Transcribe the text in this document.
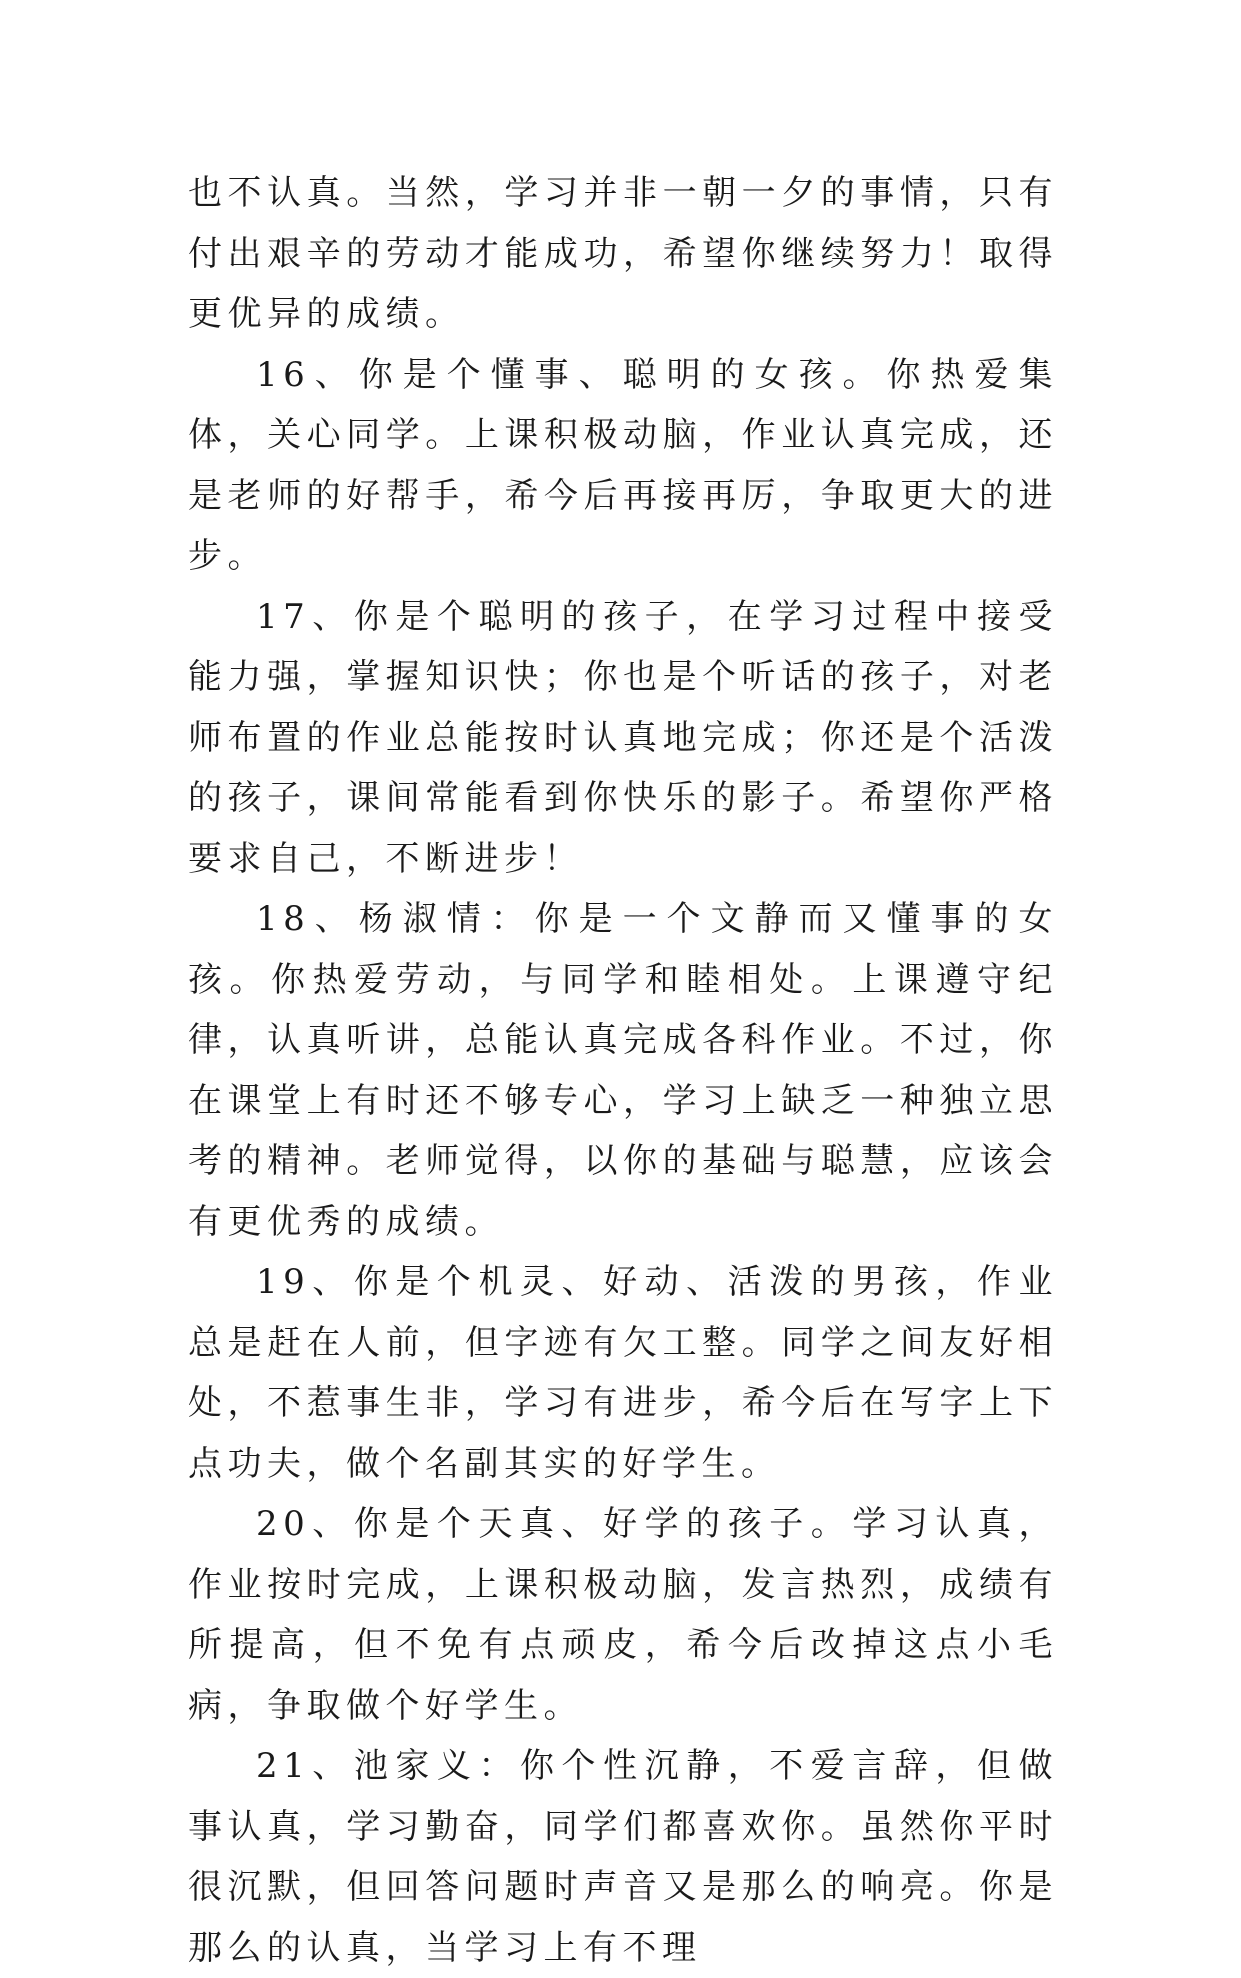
也不认真。当然，学习并非一朝一夕的事情，只有付出艰辛的劳动才能成功，希望你继续努力！取得更优异的成绩。

16、你是个懂事、聪明的女孩。你热爱集体，关心同学。上课积极动脑，作业认真完成，还是老师的好帮手，希今后再接再厉，争取更大的进步。

17、你是个聪明的孩子，在学习过程中接受能力强，掌握知识快；你也是个听话的孩子，对老师布置的作业总能按时认真地完成；你还是个活泼的孩子，课间常能看到你快乐的影子。希望你严格要求自己，不断进步！

18、杨淑情：你是一个文静而又懂事的女孩。你热爱劳动，与同学和睦相处。上课遵守纪律，认真听讲，总能认真完成各科作业。不过，你在课堂上有时还不够专心，学习上缺乏一种独立思考的精神。老师觉得，以你的基础与聪慧，应该会有更优秀的成绩。

19、你是个机灵、好动、活泼的男孩，作业总是赶在人前，但字迹有欠工整。同学之间友好相处，不惹事生非，学习有进步，希今后在写字上下点功夫，做个名副其实的好学生。

20、你是个天真、好学的孩子。学习认真，作业按时完成，上课积极动脑，发言热烈，成绩有所提高，但不免有点顽皮，希今后改掉这点小毛病，争取做个好学生。

21、池家义：你个性沉静，不爱言辞，但做事认真，学习勤奋，同学们都喜欢你。虽然你平时很沉默，但回答问题时声音又是那么的响亮。你是那么的认真，当学习上有不理
